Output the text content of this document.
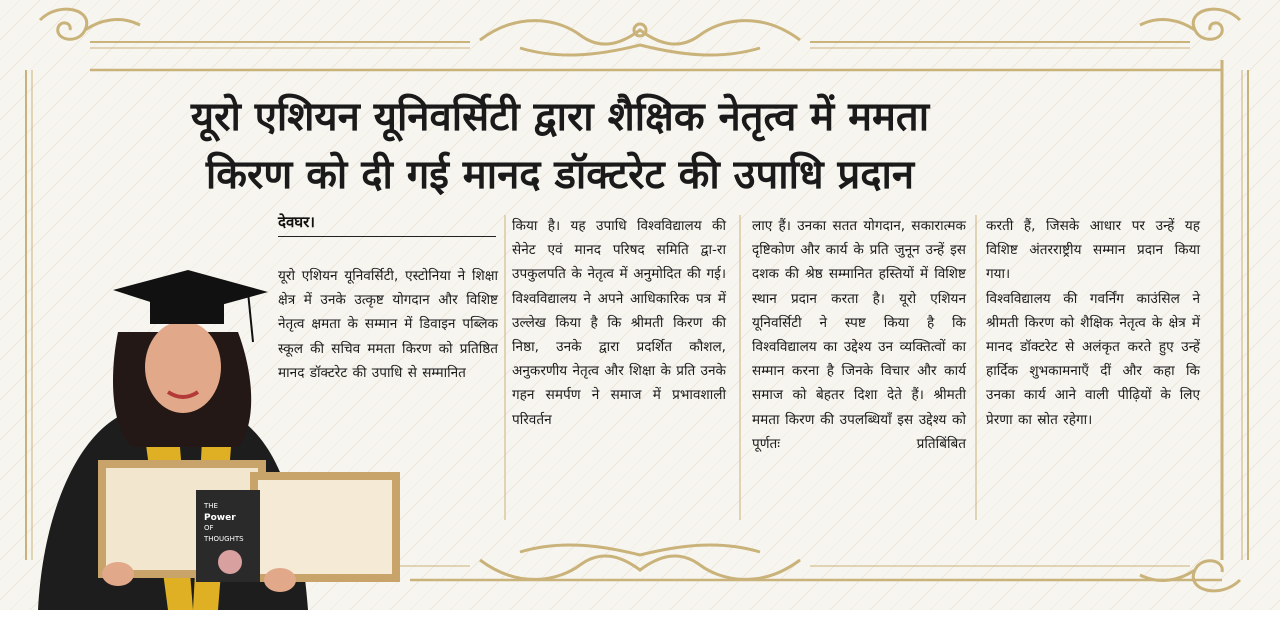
यूरो एशियन यूनिवर्सिटी द्वारा शैक्षिक नेतृत्व में ममता
किरण को दी गई मानद डॉक्टरेट की उपाधि प्रदान
देवघर।
यूरो एशियन यूनिवर्सिटी, एस्टोनिया ने शिक्षा क्षेत्र में उनके उत्कृष्ट योगदान और विशिष्ट नेतृत्व क्षमता के सम्मान में डिवाइन पब्लिक स्कूल की सचिव ममता किरण को प्रतिष्ठित मानद डॉक्टरेट की उपाधि से सम्मानित
किया है। यह उपाधि विश्वविद्यालय की सेनेट एवं मानद परिषद समिति द्वा-रा उपकुलपति के नेतृत्व में अनुमोदित की गई। विश्वविद्यालय ने अपने आधिकारिक पत्र में उल्लेख किया है कि श्रीमती किरण की निष्ठा, उनके द्वारा प्रदर्शित कौशल, अनुकरणीय नेतृत्व और शिक्षा के प्रति उनके गहन समर्पण ने समाज में प्रभावशाली परिवर्तन
लाए हैं। उनका सतत योगदान, सकारात्मक दृष्टिकोण और कार्य के प्रति जुनून उन्हें इस दशक की श्रेष्ठ सम्मानित हस्तियों में विशिष्ट स्थान प्रदान करता है। यूरो एशियन यूनिवर्सिटी ने स्पष्ट किया है कि विश्वविद्यालय का उद्देश्य उन व्यक्तित्वों का सम्मान करना है जिनके विचार और कार्य समाज को बेहतर दिशा देते हैं। श्रीमती ममता किरण की उपलब्धियाँ इस उद्देश्य को पूर्णतः प्रतिबिंबित

करती हैं, जिसके आधार पर उन्हें यह विशिष्ट अंतरराष्ट्रीय सम्मान प्रदान किया गया।

विश्वविद्यालय की गवर्निंग काउंसिल ने श्रीमती किरण को शैक्षिक नेतृत्व के क्षेत्र में मानद डॉक्टरेट से अलंकृत करते हुए उन्हें हार्दिक शुभकामनाएँ दीं और कहा कि उनका कार्य आने वाली पीढ़ियों के लिए प्रेरणा का स्रोत रहेगा।

THE
Power
OF
THOUGHTS
